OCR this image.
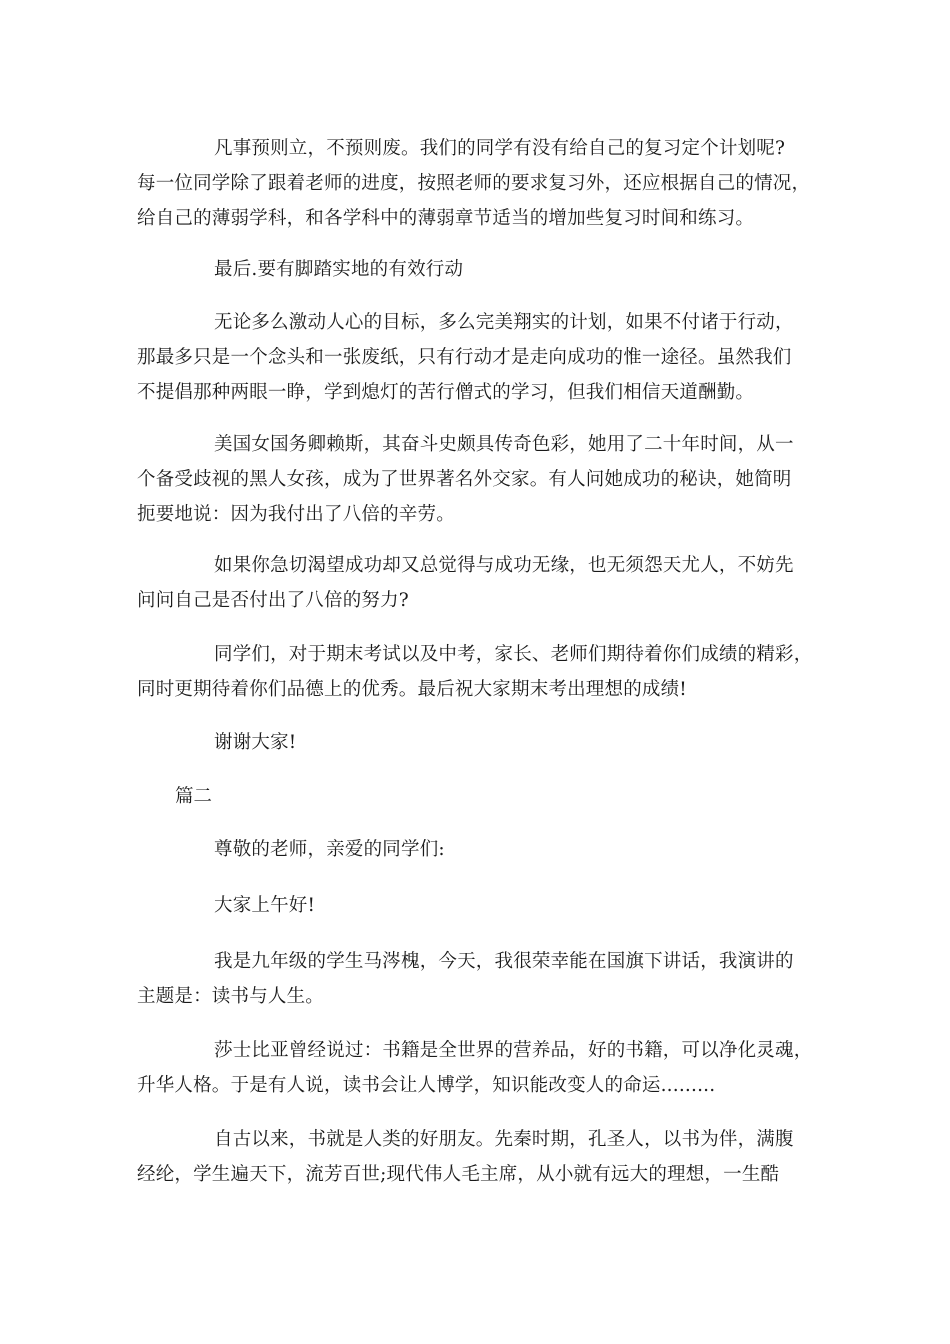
凡事预则立，不预则废。我们的同学有没有给自己的复习定个计划呢?
每一位同学除了跟着老师的进度，按照老师的要求复习外，还应根据自己的情况，
给自己的薄弱学科，和各学科中的薄弱章节适当的增加些复习时间和练习。
最后.要有脚踏实地的有效行动
无论多么激动人心的目标，多么完美翔实的计划，如果不付诸于行动，
那最多只是一个念头和一张废纸，只有行动才是走向成功的惟一途径。虽然我们
不提倡那种两眼一睁，学到熄灯的苦行僧式的学习，但我们相信天道酬勤。
美国女国务卿赖斯，其奋斗史颇具传奇色彩，她用了二十年时间，从一
个备受歧视的黑人女孩，成为了世界著名外交家。有人问她成功的秘诀，她简明
扼要地说：因为我付出了八倍的辛劳。
如果你急切渴望成功却又总觉得与成功无缘，也无须怨天尤人，不妨先
问问自己是否付出了八倍的努力?
同学们，对于期末考试以及中考，家长、老师们期待着你们成绩的精彩，
同时更期待着你们品德上的优秀。最后祝大家期末考出理想的成绩!
谢谢大家!
篇二
尊敬的老师，亲爱的同学们:
大家上午好!
我是九年级的学生马涔槐，今天，我很荣幸能在国旗下讲话，我演讲的
主题是：读书与人生。
莎士比亚曾经说过：书籍是全世界的营养品，好的书籍，可以净化灵魂，
升华人格。于是有人说，读书会让人博学，知识能改变人的命运.........
自古以来，书就是人类的好朋友。先秦时期，孔圣人，以书为伴，满腹
经纶，学生遍天下，流芳百世;现代伟人毛主席，从小就有远大的理想，一生酷
